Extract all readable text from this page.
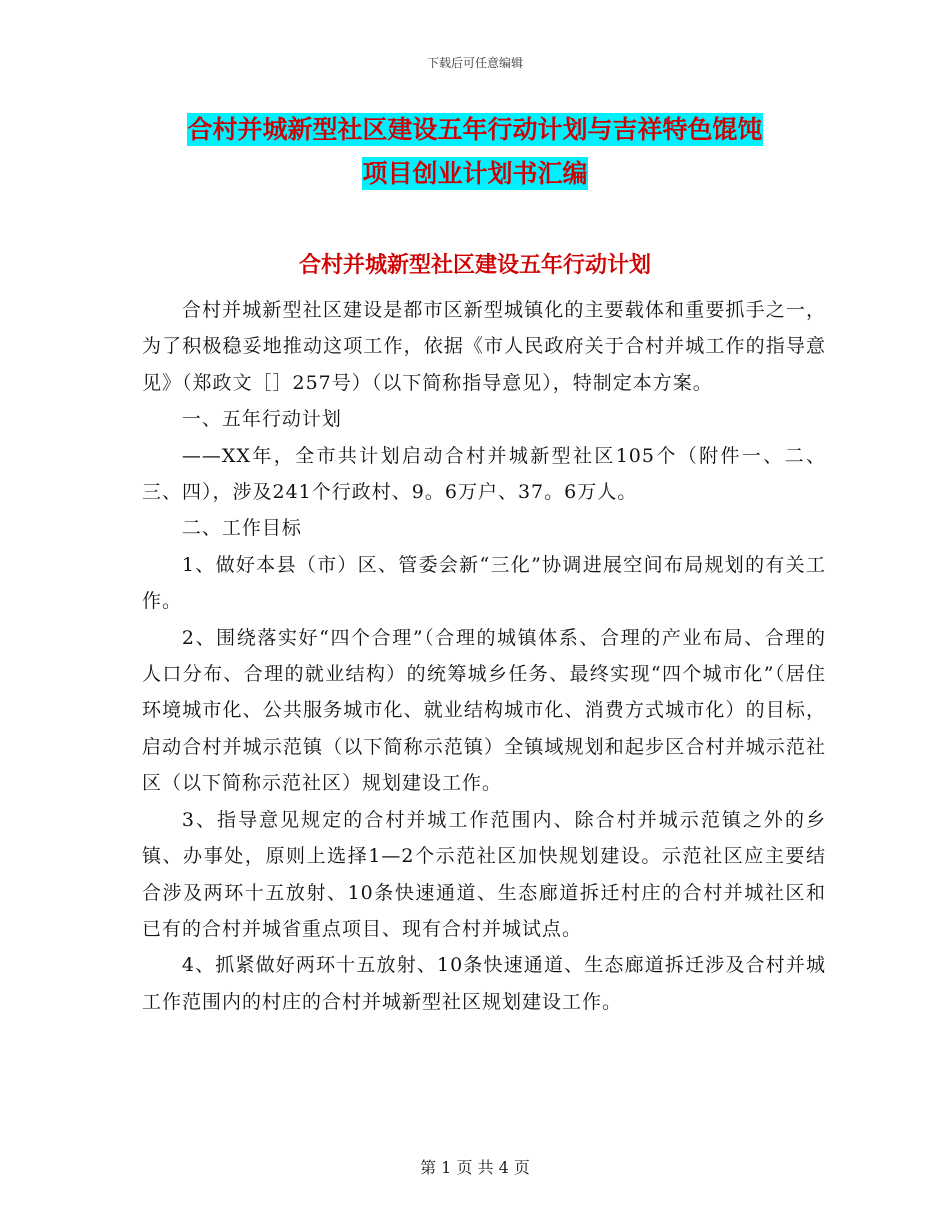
下载后可任意编辑
合村并城新型社区建设五年行动计划与吉祥特色馄饨
项目创业计划书汇编
合村并城新型社区建设五年行动计划

合村并城新型社区建设是都市区新型城镇化的主要载体和重要抓手之一，为了积极稳妥地推动这项工作，依据《市人民政府关于合村并城工作的指导意见》（郑政文［］257号）（以下简称指导意见），特制定本方案。

一、五年行动计划

——XX年，全市共计划启动合村并城新型社区105个（附件一、二、三、四），涉及241个行政村、9。6万户、37。6万人。

二、工作目标

1、做好本县（市）区、管委会新“三化”协调进展空间布局规划的有关工作。

2、围绕落实好“四个合理”（合理的城镇体系、合理的产业布局、合理的人口分布、合理的就业结构）的统筹城乡任务、最终实现“四个城市化”（居住环境城市化、公共服务城市化、就业结构城市化、消费方式城市化）的目标，启动合村并城示范镇（以下简称示范镇）全镇域规划和起步区合村并城示范社区（以下简称示范社区）规划建设工作。

3、指导意见规定的合村并城工作范围内、除合村并城示范镇之外的乡镇、办事处，原则上选择1—2个示范社区加快规划建设。示范社区应主要结合涉及两环十五放射、10条快速通道、生态廊道拆迁村庄的合村并城社区和已有的合村并城省重点项目、现有合村并城试点。

4、抓紧做好两环十五放射、10条快速通道、生态廊道拆迁涉及合村并城工作范围内的村庄的合村并城新型社区规划建设工作。

第 1 页 共 4 页
